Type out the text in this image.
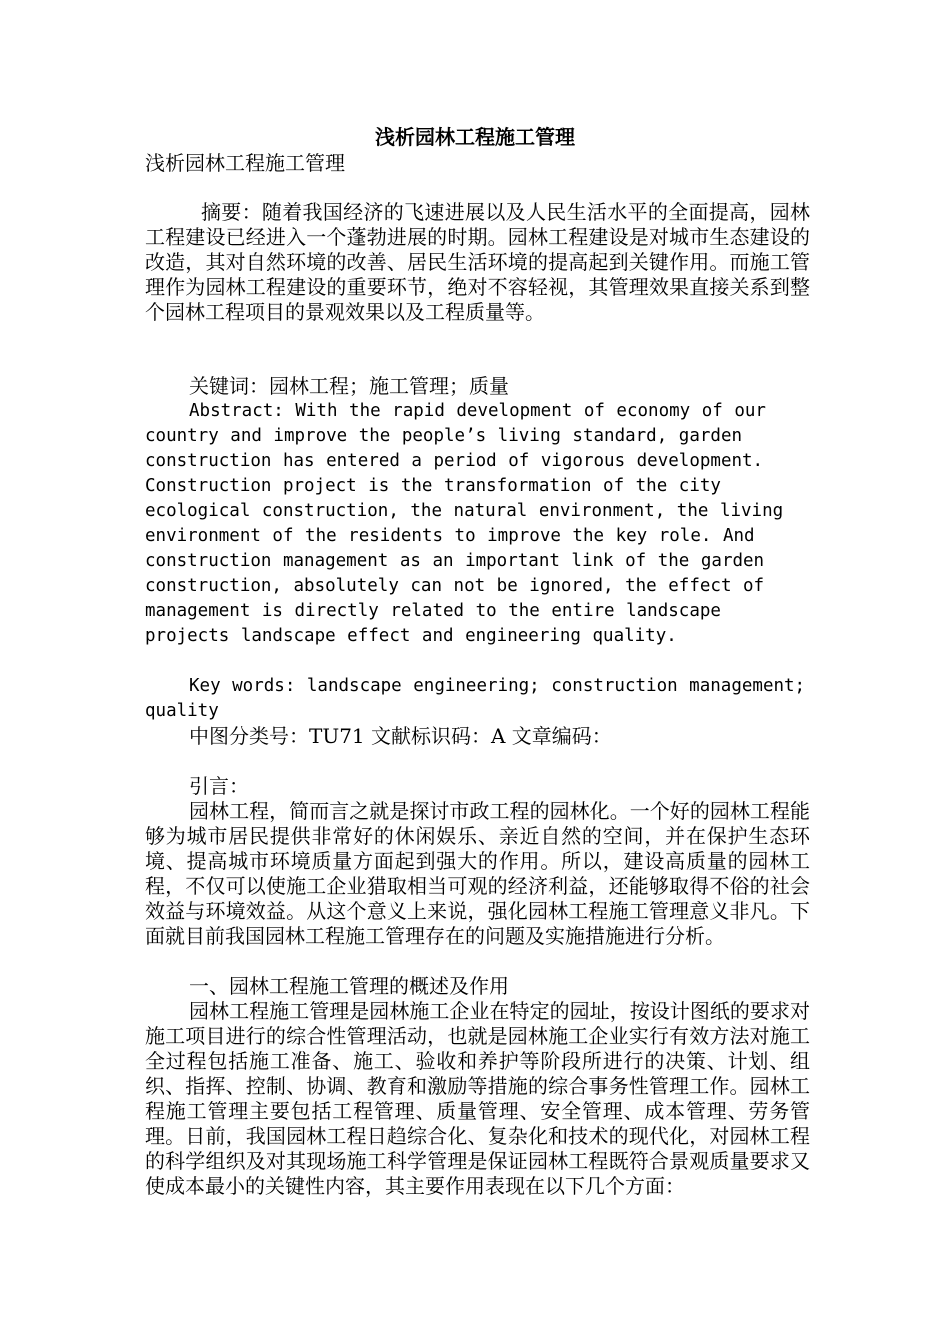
浅析园林工程施工管理
浅析园林工程施工管理

摘要：随着我国经济的飞速进展以及人民生活水平的全面提高，园林工程建设已经进入一个蓬勃进展的时期。园林工程建设是对城市生态建设的改造，其对自然环境的改善、居民生活环境的提高起到关键作用。而施工管理作为园林工程建设的重要环节，绝对不容轻视，其管理效果直接关系到整个园林工程项目的景观效果以及工程质量等。

关键词：园林工程；施工管理；质量

Abstract: With the rapid development of economy of our country and improve the people’s living standard, garden construction has entered a period of vigorous development. Construction project is the transformation of the city ecological construction, the natural environment, the living environment of the residents to improve the key role. And construction management as an important link of the garden construction, absolutely can not be ignored, the effect of management is directly related to the entire landscape projects landscape effect and engineering quality.

Key words: landscape engineering; construction management; quality

中图分类号：TU71 文献标识码：A 文章编码：

引言：

园林工程，简而言之就是探讨市政工程的园林化。一个好的园林工程能够为城市居民提供非常好的休闲娱乐、亲近自然的空间，并在保护生态环境、提高城市环境质量方面起到强大的作用。所以，建设高质量的园林工程，不仅可以使施工企业猎取相当可观的经济利益，还能够取得不俗的社会效益与环境效益。从这个意义上来说，强化园林工程施工管理意义非凡。下面就目前我国园林工程施工管理存在的问题及实施措施进行分析。

一、园林工程施工管理的概述及作用

园林工程施工管理是园林施工企业在特定的园址，按设计图纸的要求对施工项目进行的综合性管理活动，也就是园林施工企业实行有效方法对施工全过程包括施工准备、施工、验收和养护等阶段所进行的决策、计划、组织、指挥、控制、协调、教育和激励等措施的综合事务性管理工作。园林工程施工管理主要包括工程管理、质量管理、安全管理、成本管理、劳务管理。日前，我国园林工程日趋综合化、复杂化和技术的现代化，对园林工程的科学组织及对其现场施工科学管理是保证园林工程既符合景观质量要求又使成本最小的关键性内容，其主要作用表现在以下几个方面：
